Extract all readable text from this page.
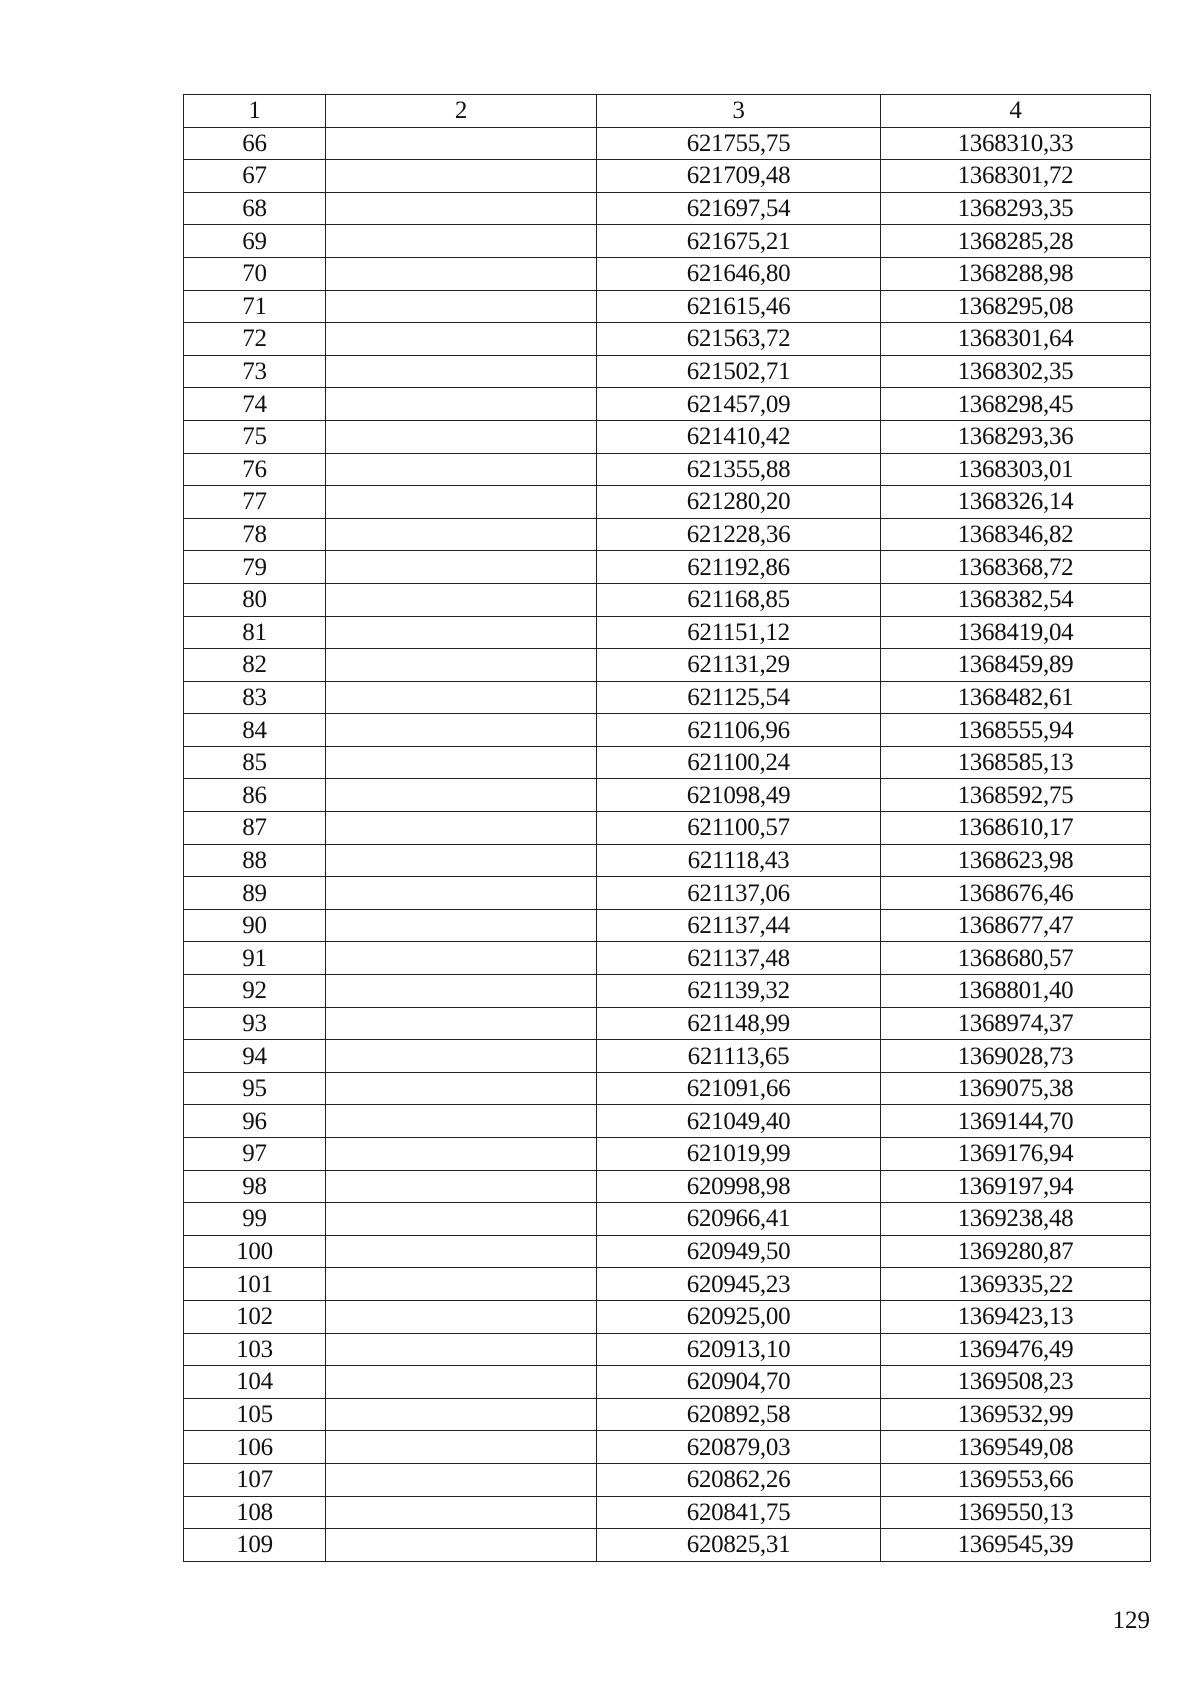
1	2	3	4
66		621755,75	1368310,33
67		621709,48	1368301,72
68		621697,54	1368293,35
69		621675,21	1368285,28
70		621646,80	1368288,98
71		621615,46	1368295,08
72		621563,72	1368301,64
73		621502,71	1368302,35
74		621457,09	1368298,45
75		621410,42	1368293,36
76		621355,88	1368303,01
77		621280,20	1368326,14
78		621228,36	1368346,82
79		621192,86	1368368,72
80		621168,85	1368382,54
81		621151,12	1368419,04
82		621131,29	1368459,89
83		621125,54	1368482,61
84		621106,96	1368555,94
85		621100,24	1368585,13
86		621098,49	1368592,75
87		621100,57	1368610,17
88		621118,43	1368623,98
89		621137,06	1368676,46
90		621137,44	1368677,47
91		621137,48	1368680,57
92		621139,32	1368801,40
93		621148,99	1368974,37
94		621113,65	1369028,73
95		621091,66	1369075,38
96		621049,40	1369144,70
97		621019,99	1369176,94
98		620998,98	1369197,94
99		620966,41	1369238,48
100		620949,50	1369280,87
101		620945,23	1369335,22
102		620925,00	1369423,13
103		620913,10	1369476,49
104		620904,70	1369508,23
105		620892,58	1369532,99
106		620879,03	1369549,08
107		620862,26	1369553,66
108		620841,75	1369550,13
109		620825,31	1369545,39
129
